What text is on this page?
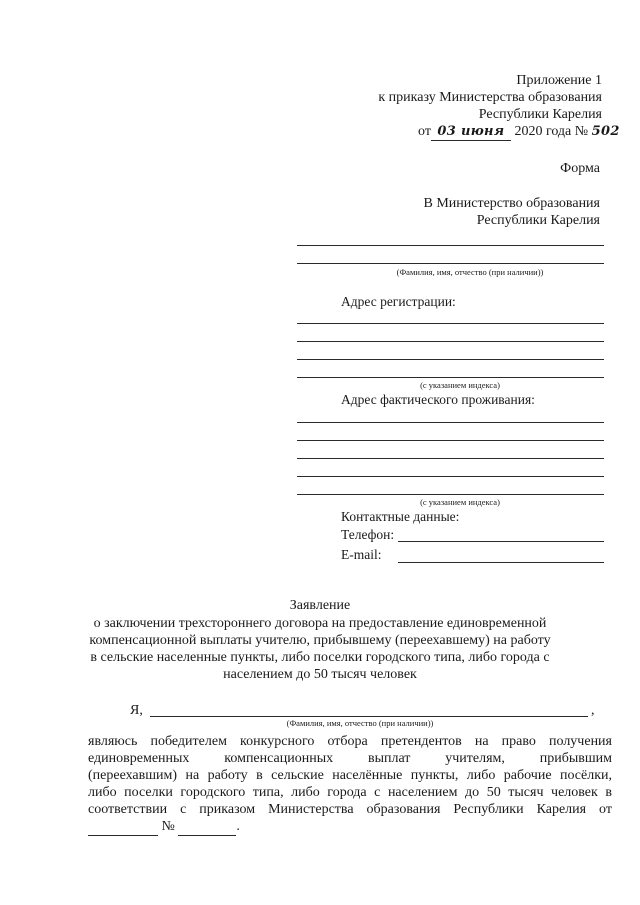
Приложение 1
к приказу Министерства образования
Республики Карелия
от 03 июня 2020 года № 502
Форма
В Министерство образования
Республики Карелия
(Фамилия, имя, отчество (при наличии))
Адрес регистрации:
(с указанием индекса)
Адрес фактического проживания:
(с указанием индекса)
Контактные данные:
Телефон:
E-mail:
Заявление
о заключении трехстороннего договора на предоставление единовременной
компенсационной выплаты учителю, прибывшему (переехавшему) на работу
в сельские населенные пункты, либо поселки городского типа, либо города с
населением до 50 тысяч человек
Я,	,
(Фамилия, имя, отчество (при наличии))
являюсь победителем конкурсного отбора претендентов на право получения
единовременных компенсационных выплат учителям, прибывшим
(переехавшим) на работу в сельские населённые пункты, либо рабочие посёлки,
либо поселки городского типа, либо города с населением до 50 тысяч человек в
соответствии с приказом Министерства образования Республики Карелия от
№	.
